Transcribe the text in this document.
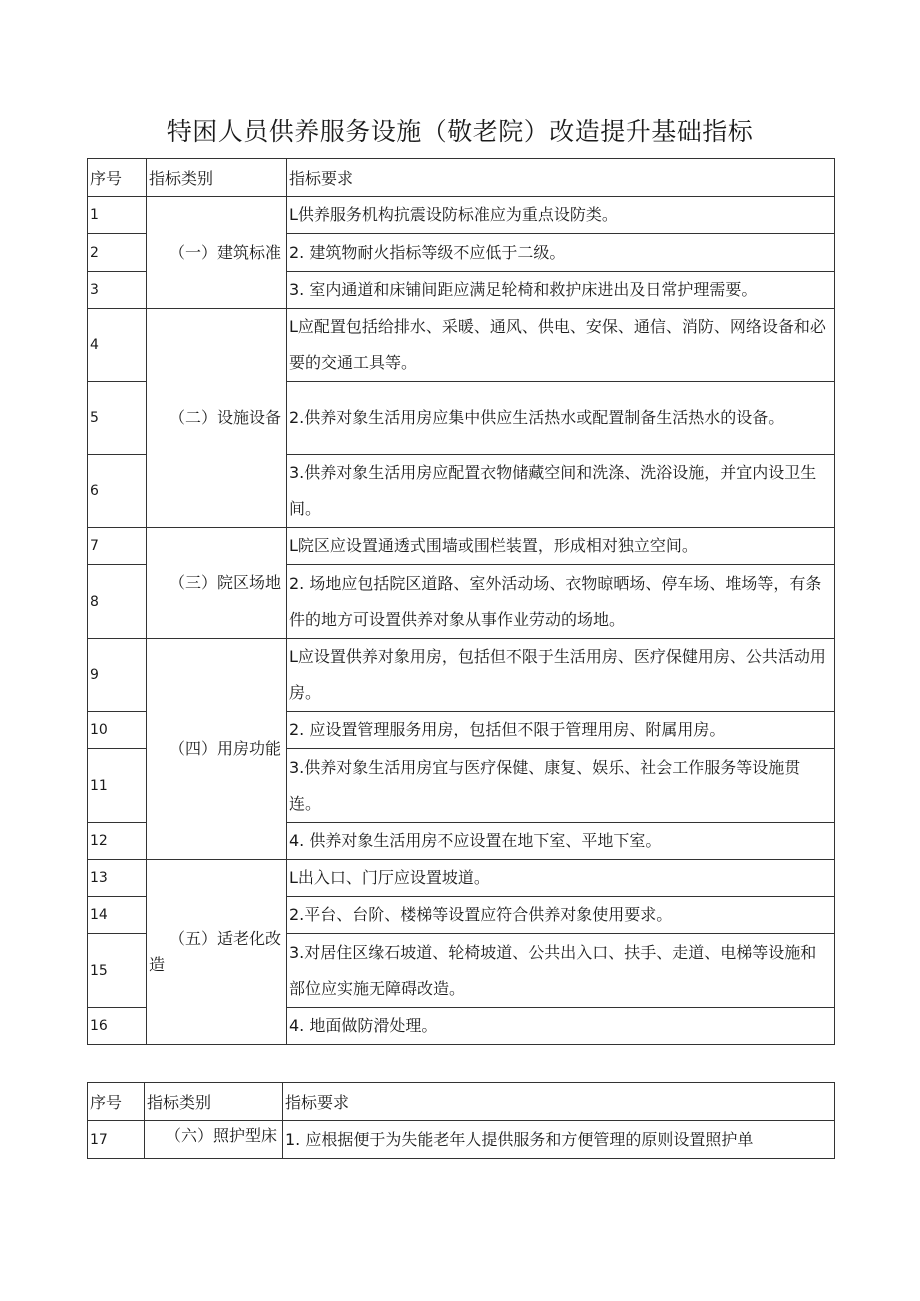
特困人员供养服务设施（敬老院）改造提升基础指标
序号	指标类别	指标要求
1	（一）建筑标准	L供养服务机构抗震设防标准应为重点设防类。
2		2. 建筑物耐火指标等级不应低于二级。
3		3. 室内通道和床铺间距应满足轮椅和救护床进出及日常护理需要。
4	（二）设施设备	L应配置包括给排水、采暖、通风、供电、安保、通信、消防、网络设备和必要的交通工具等。
5		2.供养对象生活用房应集中供应生活热水或配置制备生活热水的设备。
6		3.供养对象生活用房应配置衣物储藏空间和洗涤、洗浴设施，并宜内设卫生间。
7	（三）院区场地	L院区应设置通透式围墙或围栏装置，形成相对独立空间。
8		2. 场地应包括院区道路、室外活动场、衣物晾晒场、停车场、堆场等，有条件的地方可设置供养对象从事作业劳动的场地。
9	（四）用房功能	L应设置供养对象用房，包括但不限于生活用房、医疗保健用房、公共活动用房。
10		2. 应设置管理服务用房，包括但不限于管理用房、附属用房。
11		3.供养对象生活用房宜与医疗保健、康复、娱乐、社会工作服务等设施贯连。
12		4. 供养对象生活用房不应设置在地下室、平地下室。
13	（五）适老化改造	L出入口、门厅应设置坡道。
14		2.平台、台阶、楼梯等设置应符合供养对象使用要求。
15		3.对居住区缘石坡道、轮椅坡道、公共出入口、扶手、走道、电梯等设施和部位应实施无障碍改造。
16		4. 地面做防滑处理。
序号	指标类别	指标要求
17	（六）照护型床	1. 应根据便于为失能老年人提供服务和方便管理的原则设置照护单
